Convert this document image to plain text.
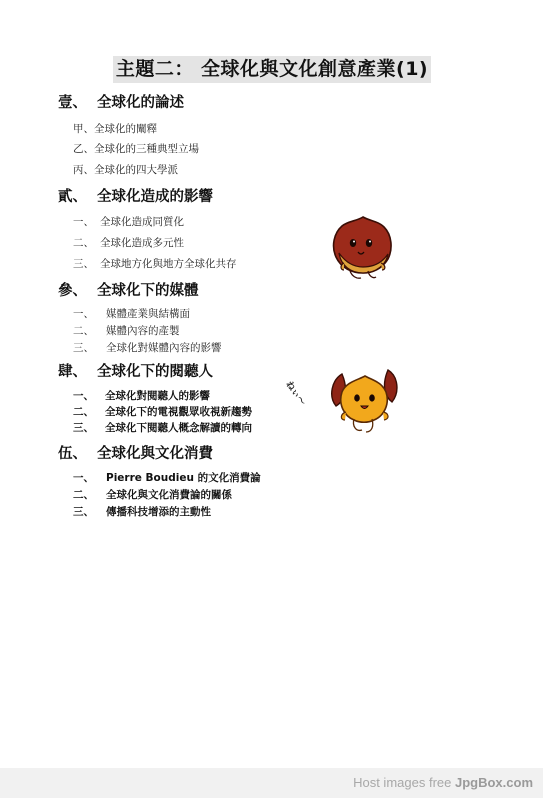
主題二： 全球化與文化創意產業(1)
壹、 全球化的論述
甲、全球化的闡釋
乙、全球化的三種典型立場
丙、全球化的四大學派
貳、 全球化造成的影響
一、 全球化造成同質化
二、 全球化造成多元性
三、 全球地方化與地方全球化共存
參、 全球化下的媒體
一、 媒體產業與結構面
二、 媒體內容的產製
三、 全球化對媒體內容的影響
肆、 全球化下的閱聽人
一、 全球化對閱聽人的影響
二、 全球化下的電視觀眾收視新趨勢
三、 全球化下閱聽人概念解讀的轉向
伍、 全球化與文化消費
一、 Pierre Boudieu 的文化消費論
二、 全球化與文化消費論的關係
三、 傳播科技增添的主動性
ねぃ〜
Host images free JpgBox.com
